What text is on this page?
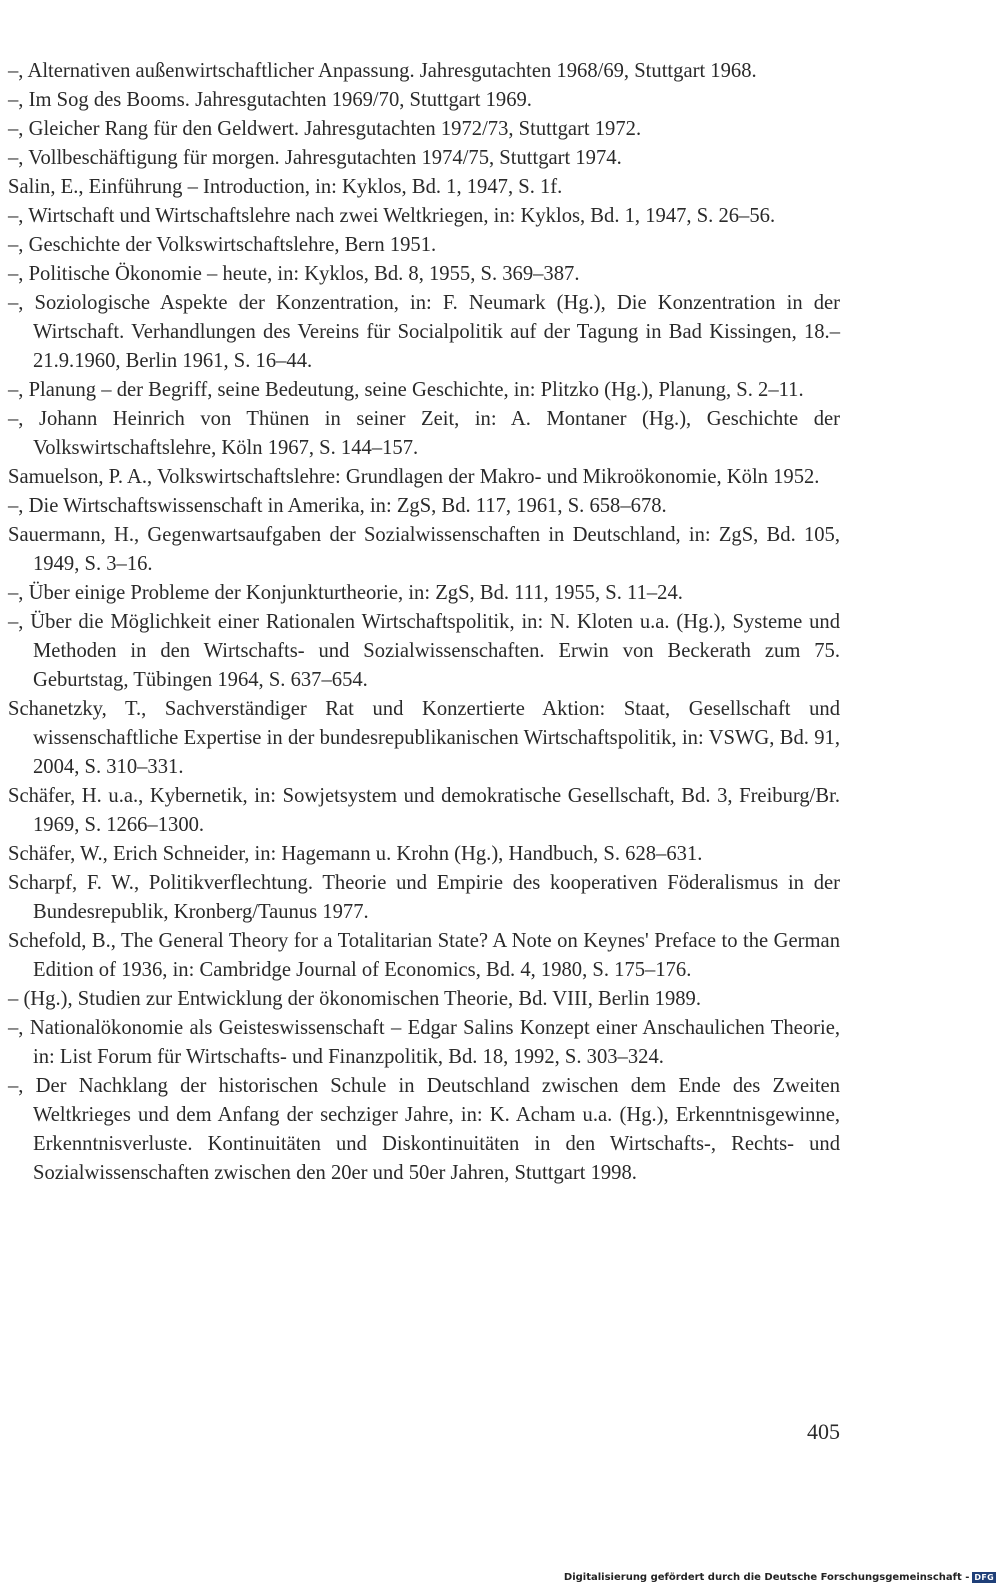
–, Alternativen außenwirtschaftlicher Anpassung. Jahresgutachten 1968/69, Stuttgart 1968.

–, Im Sog des Booms. Jahresgutachten 1969/70, Stuttgart 1969.

–, Gleicher Rang für den Geldwert. Jahresgutachten 1972/73, Stuttgart 1972.

–, Vollbeschäftigung für morgen. Jahresgutachten 1974/75, Stuttgart 1974.

Salin, E., Einführung – Introduction, in: Kyklos, Bd. 1, 1947, S. 1f.

–, Wirtschaft und Wirtschaftslehre nach zwei Weltkriegen, in: Kyklos, Bd. 1, 1947, S. 26–56.

–, Geschichte der Volkswirtschaftslehre, Bern 1951.

–, Politische Ökonomie – heute, in: Kyklos, Bd. 8, 1955, S. 369–387.

–, Soziologische Aspekte der Konzentration, in: F. Neumark (Hg.), Die Konzentration in der Wirtschaft. Verhandlungen des Vereins für Socialpolitik auf der Tagung in Bad Kissingen, 18.–21.9.1960, Berlin 1961, S. 16–44.

–, Planung – der Begriff, seine Bedeutung, seine Geschichte, in: Plitzko (Hg.), Planung, S. 2–11.

–, Johann Heinrich von Thünen in seiner Zeit, in: A. Montaner (Hg.), Geschichte der Volkswirtschaftslehre, Köln 1967, S. 144–157.

Samuelson, P. A., Volkswirtschaftslehre: Grundlagen der Makro- und Mikroökonomie, Köln 1952.

–, Die Wirtschaftswissenschaft in Amerika, in: ZgS, Bd. 117, 1961, S. 658–678.

Sauermann, H., Gegenwartsaufgaben der Sozialwissenschaften in Deutschland, in: ZgS, Bd. 105, 1949, S. 3–16.

–, Über einige Probleme der Konjunkturtheorie, in: ZgS, Bd. 111, 1955, S. 11–24.

–, Über die Möglichkeit einer Rationalen Wirtschaftspolitik, in: N. Kloten u.a. (Hg.), Systeme und Methoden in den Wirtschafts- und Sozialwissenschaften. Erwin von Beckerath zum 75. Geburtstag, Tübingen 1964, S. 637–654.

Schanetzky, T., Sachverständiger Rat und Konzertierte Aktion: Staat, Gesellschaft und wissenschaftliche Expertise in der bundesrepublikanischen Wirtschaftspolitik, in: VSWG, Bd. 91, 2004, S. 310–331.

Schäfer, H. u.a., Kybernetik, in: Sowjetsystem und demokratische Gesellschaft, Bd. 3, Freiburg/Br. 1969, S. 1266–1300.

Schäfer, W., Erich Schneider, in: Hagemann u. Krohn (Hg.), Handbuch, S. 628–631.

Scharpf, F. W., Politikverflechtung. Theorie und Empirie des kooperativen Föderalismus in der Bundesrepublik, Kronberg/Taunus 1977.

Schefold, B., The General Theory for a Totalitarian State? A Note on Keynes' Preface to the German Edition of 1936, in: Cambridge Journal of Economics, Bd. 4, 1980, S. 175–176.

– (Hg.), Studien zur Entwicklung der ökonomischen Theorie, Bd. VIII, Berlin 1989.

–, Nationalökonomie als Geisteswissenschaft – Edgar Salins Konzept einer Anschaulichen Theorie, in: List Forum für Wirtschafts- und Finanzpolitik, Bd. 18, 1992, S. 303–324.

–, Der Nachklang der historischen Schule in Deutschland zwischen dem Ende des Zweiten Weltkrieges und dem Anfang der sechziger Jahre, in: K. Acham u.a. (Hg.), Erkenntnisgewinne, Erkenntnisverluste. Kontinuitäten und Diskontinuitäten in den Wirtschafts-, Rechts- und Sozialwissenschaften zwischen den 20er und 50er Jahren, Stuttgart 1998.

405
Digitalisierung gefördert durch die Deutsche Forschungsgemeinschaft - DFG
